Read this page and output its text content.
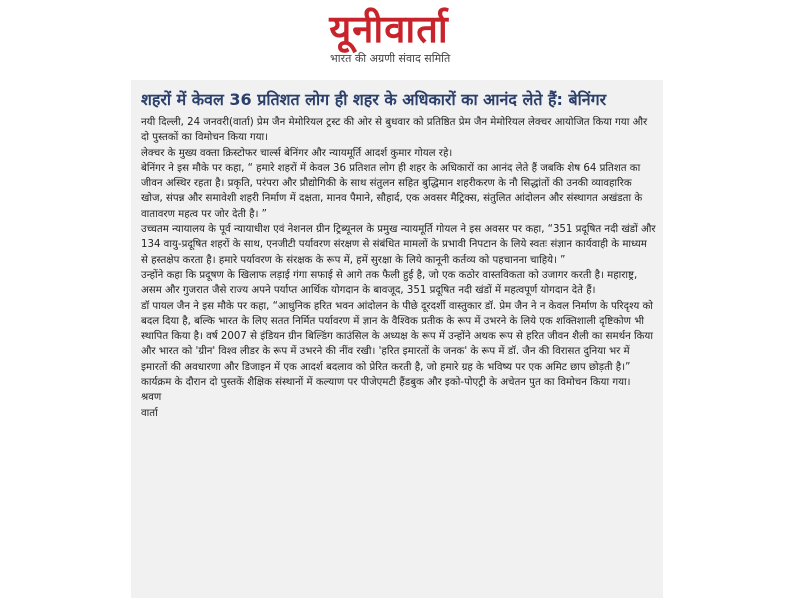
यूनीवार्ता
भारत की अग्रणी संवाद समिति
शहरों में केवल 36 प्रतिशत लोग ही शहर के अधिकारों का आनंद लेते हैं: बेनिंगर

नयी दिल्ली, 24 जनवरी(वार्ता) प्रेम जैन मेमोरियल ट्रस्ट की ओर से बुधवार को प्रतिष्ठित प्रेम जैन मेमोरियल लेक्चर आयोजित किया गया और दो पुस्तकों का विमोचन किया गया।

लेक्चर के मुख्य वक्ता क्रिस्टोफर चार्ल्स बेनिंगर और न्यायमूर्ति आदर्श कुमार गोयल रहे।

बेनिंगर ने इस मौके पर कहा, “ हमारे शहरों में केवल 36 प्रतिशत लोग ही शहर के अधिकारों का आनंद लेते हैं जबकि शेष 64 प्रतिशत का जीवन अस्थिर रहता है। प्रकृति, परंपरा और प्रौद्योगिकी के साथ संतुलन सहित बुद्धिमान शहरीकरण के नौ सिद्धांतों की उनकी व्यावहारिक खोज, संपन्न और समावेशी शहरी निर्माण में दक्षता, मानव पैमाने, सौहार्द, एक अवसर मैट्रिक्स, संतुलित आंदोलन और संस्थागत अखंडता के वातावरण महत्व पर जोर देती है। ”

उच्चतम न्यायालय के पूर्व न्यायाधीश एवं नेशनल ग्रीन ट्रिब्यूनल के प्रमुख न्यायमूर्ति गोयल ने इस अवसर पर कहा, “351 प्रदूषित नदी खंडों और 134 वायु-प्रदूषित शहरों के साथ, एनजीटी पर्यावरण संरक्षण से संबंधित मामलों के प्रभावी निपटान के लिये स्वतः संज्ञान कार्यवाही के माध्यम से हस्तक्षेप करता है। हमारे पर्यावरण के संरक्षक के रूप में, हमें सुरक्षा के लिये कानूनी कर्तव्य को पहचानना चाहिये। ”

उन्होंने कहा कि प्रदूषण के खिलाफ लड़ाई गंगा सफाई से आगे तक फैली हुई है, जो एक कठोर वास्तविकता को उजागर करती है। महाराष्ट्र, असम और गुजरात जैसे राज्य अपने पर्याप्त आर्थिक योगदान के बावजूद, 351 प्रदूषित नदी खंडों में महत्वपूर्ण योगदान देते हैं।

डॉ पायल जैन ने इस मौके पर कहा, “आधुनिक हरित भवन आंदोलन के पीछे दूरदर्शी वास्तुकार डॉ. प्रेम जैन ने न केवल निर्माण के परिदृश्य को बदल दिया है, बल्कि भारत के लिए सतत निर्मित पर्यावरण में ज्ञान के वैश्विक प्रतीक के रूप में उभरने के लिये एक शक्तिशाली दृष्टिकोण भी स्थापित किया है। वर्ष 2007 से इंडियन ग्रीन बिल्डिंग काउंसिल के अध्यक्ष के रूप में उन्होंने अथक रूप से हरित जीवन शैली का समर्थन किया और भारत को 'ग्रीन' विश्व लीडर के रूप में उभरने की नींव रखी। 'हरित इमारतों के जनक' के रूप में डॉ. जैन की विरासत दुनिया भर में इमारतों की अवधारणा और डिजाइन में एक आदर्श बदलाव को प्रेरित करती है, जो हमारे ग्रह के भविष्य पर एक अमिट छाप छोड़ती है।”

कार्यक्रम के दौरान दो पुस्तकें शैक्षिक संस्थानों में कल्याण पर पीजेएमटी हैंडबुक और इको-पोएट्री के अचेतन पुत का विमोचन किया गया।

श्रवण

वार्ता
